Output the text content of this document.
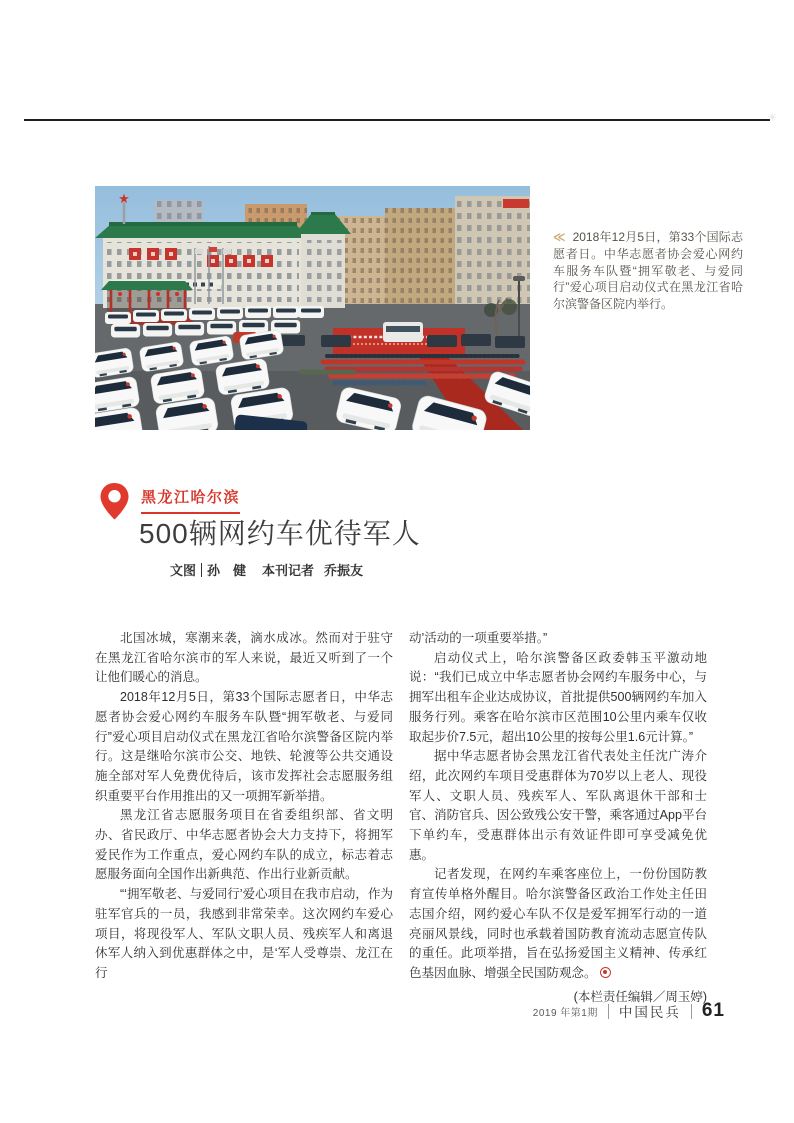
✳
★
≪ 2018年12月5日，第33个国际志愿者日。中华志愿者协会爱心网约车服务车队暨“拥军敬老、与爱同行”爱心项目启动仪式在黑龙江省哈尔滨警备区院内举行。
黑龙江哈尔滨
500辆网约车优待军人
文图 孙　健 本刊记者 乔振友

北国冰城，寒潮来袭，滴水成冰。然而对于驻守在黑龙江省哈尔滨市的军人来说，最近又听到了一个让他们暖心的消息。

2018年12月5日，第33个国际志愿者日，中华志愿者协会爱心网约车服务车队暨“拥军敬老、与爱同行”爱心项目启动仪式在黑龙江省哈尔滨警备区院内举行。这是继哈尔滨市公交、地铁、轮渡等公共交通设施全部对军人免费优待后，该市发挥社会志愿服务组织重要平台作用推出的又一项拥军新举措。

黑龙江省志愿服务项目在省委组织部、省文明办、省民政厅、中华志愿者协会大力支持下，将拥军爱民作为工作重点，爱心网约车队的成立，标志着志愿服务面向全国作出新典范、作出行业新贡献。

“‘拥军敬老、与爱同行’爱心项目在我市启动，作为驻军官兵的一员，我感到非常荣幸。这次网约车爱心项目，将现役军人、军队文职人员、残疾军人和离退休军人纳入到优惠群体之中，是‘军人受尊崇、龙江在行

动’活动的一项重要举措。”

启动仪式上，哈尔滨警备区政委韩玉平激动地说：“我们已成立中华志愿者协会网约车服务中心，与拥军出租车企业达成协议，首批提供500辆网约车加入服务行列。乘客在哈尔滨市区范围10公里内乘车仅收取起步价7.5元，超出10公里的按每公里1.6元计算。”

据中华志愿者协会黑龙江省代表处主任沈广涛介绍，此次网约车项目受惠群体为70岁以上老人、现役军人、文职人员、残疾军人、军队离退休干部和士官、消防官兵、因公致残公安干警，乘客通过App平台下单约车，受惠群体出示有效证件即可享受减免优惠。

记者发现，在网约车乘客座位上，一份份国防教育宣传单格外醒目。哈尔滨警备区政治工作处主任田志国介绍，网约爱心车队不仅是爱军拥军行动的一道亮丽风景线，同时也承载着国防教育流动志愿宣传队的重任。此项举措，旨在弘扬爱国主义精神、传承红色基因血脉、增强全民国防观念。

(本栏责任编辑／周玉婷)

2019 年第1期 中国民兵 61
